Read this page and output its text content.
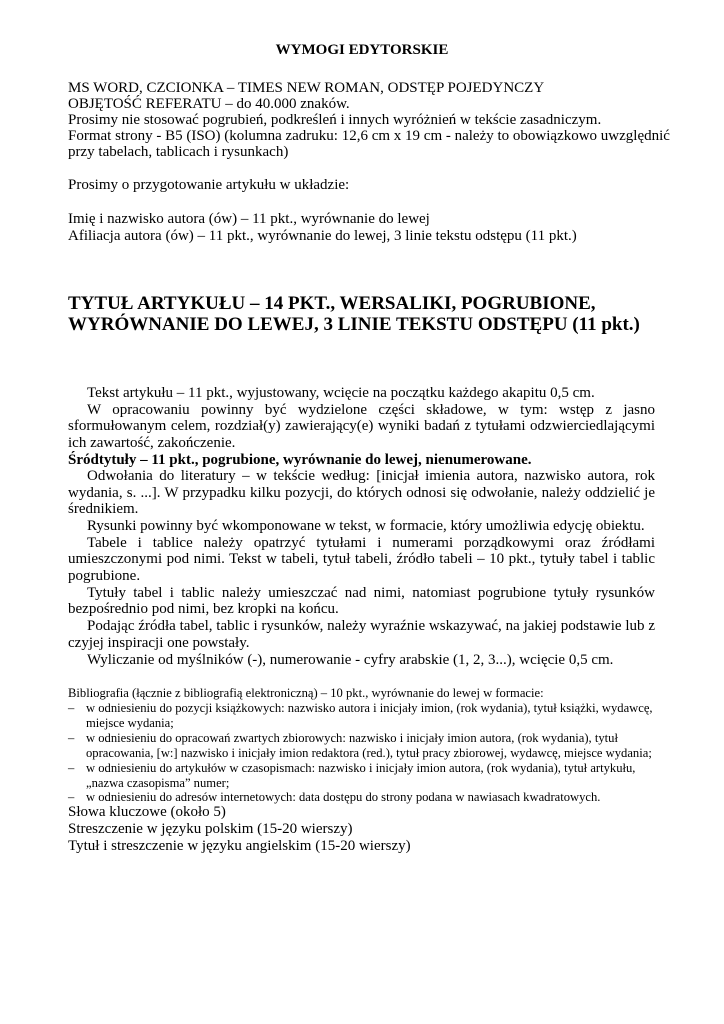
WYMOGI EDYTORSKIE
MS WORD, CZCIONKA – TIMES NEW ROMAN, ODSTĘP POJEDYNCZY
OBJĘTOŚĆ REFERATU – do 40.000 znaków.
Prosimy nie stosować pogrubień, podkreśleń i innych wyróżnień w tekście zasadniczym.
Format strony - B5 (ISO) (kolumna zadruku: 12,6 cm x 19 cm - należy to obowiązkowo uwzględnić
przy tabelach, tablicach i rysunkach)
Prosimy o przygotowanie artykułu w układzie:
Imię i nazwisko autora (ów) – 11 pkt., wyrównanie do lewej
Afiliacja autora (ów) – 11 pkt., wyrównanie do lewej, 3 linie tekstu odstępu (11 pkt.)
TYTUŁ ARTYKUŁU – 14 PKT., WERSALIKI, POGRUBIONE,
WYRÓWNANIE DO LEWEJ, 3 LINIE TEKSTU ODSTĘPU (11 pkt.)
Tekst artykułu – 11 pkt., wyjustowany, wcięcie na początku każdego akapitu 0,5 cm.
W opracowaniu powinny być wydzielone części składowe, w tym: wstęp z jasno
sformułowanym celem, rozdział(y) zawierający(e) wyniki badań z tytułami odzwierciedlającymi
ich zawartość, zakończenie.
Śródtytuły – 11 pkt., pogrubione, wyrównanie do lewej, nienumerowane.
Odwołania do literatury – w tekście według: [inicjał imienia autora, nazwisko autora, rok
wydania, s. ...]. W przypadku kilku pozycji, do których odnosi się odwołanie, należy oddzielić je
średnikiem.
Rysunki powinny być wkomponowane w tekst, w formacie, który umożliwia edycję obiektu.
Tabele i tablice należy opatrzyć tytułami i numerami porządkowymi oraz źródłami
umieszczonymi pod nimi. Tekst w tabeli, tytuł tabeli, źródło tabeli – 10 pkt., tytuły tabel i tablic
pogrubione.
Tytuły tabel i tablic należy umieszczać nad nimi, natomiast pogrubione tytuły rysunków
bezpośrednio pod nimi, bez kropki na końcu.
Podając źródła tabel, tablic i rysunków, należy wyraźnie wskazywać, na jakiej podstawie lub z
czyjej inspiracji one powstały.
Wyliczanie od myślników (-), numerowanie - cyfry arabskie (1, 2, 3...), wcięcie 0,5 cm.
Bibliografia (łącznie z bibliografią elektroniczną) – 10 pkt., wyrównanie do lewej w formacie:
– w odniesieniu do pozycji książkowych: nazwisko autora i inicjały imion, (rok wydania), tytuł książki, wydawcę,
miejsce wydania;
– w odniesieniu do opracowań zwartych zbiorowych: nazwisko i inicjały imion autora, (rok wydania), tytuł
opracowania, [w:] nazwisko i inicjały imion redaktora (red.), tytuł pracy zbiorowej, wydawcę, miejsce wydania;
– w odniesieniu do artykułów w czasopismach: nazwisko i inicjały imion autora, (rok wydania), tytuł artykułu,
„nazwa czasopisma” numer;
– w odniesieniu do adresów internetowych: data dostępu do strony podana w nawiasach kwadratowych.
Słowa kluczowe (około 5)
Streszczenie w języku polskim (15-20 wierszy)
Tytuł i streszczenie w języku angielskim (15-20 wierszy)
